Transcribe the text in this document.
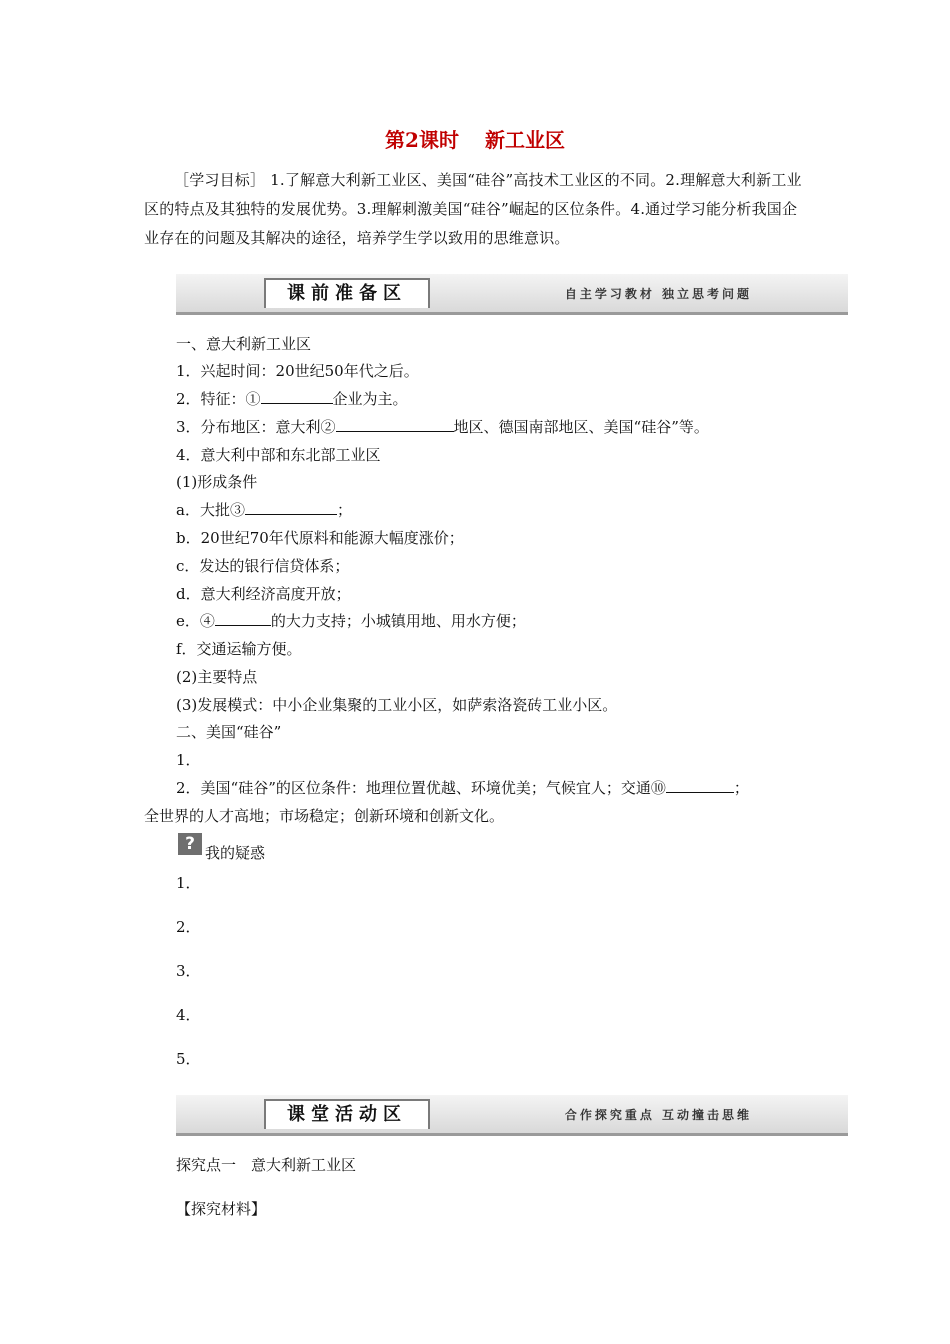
第2课时 新工业区
［学习目标］ 1.了解意大利新工业区、美国“硅谷”高技术工业区的不同。2.理解意大利新工业区的特点及其独特的发展优势。3.理解刺激美国“硅谷”崛起的区位条件。4.通过学习能分析我国企业存在的问题及其解决的途径，培养学生学以致用的思维意识。
课前准备区	自主学习教材 独立思考问题
一、意大利新工业区
1．兴起时间：20世纪50年代之后。
2．特征：①	企业为主。
3．分布地区：意大利②	地区、德国南部地区、美国“硅谷”等。
4．意大利中部和东北部工业区
(1)形成条件
a．大批③	；
b．20世纪70年代原料和能源大幅度涨价；
c．发达的银行信贷体系；
d．意大利经济高度开放；
e．④	的大力支持；小城镇用地、用水方便；
f．交通运输方便。
(2)主要特点
(3)发展模式：中小企业集聚的工业小区，如萨索洛瓷砖工业小区。
二、美国“硅谷”
1．
2．美国“硅谷”的区位条件：地理位置优越、环境优美；气候宜人；交通⑩	；
全世界的人才高地；市场稳定；创新环境和创新文化。
? 我的疑惑
1．
2．
3．
4．
5．
课堂活动区	合作探究重点 互动撞击思维
探究点一　意大利新工业区
【探究材料】
